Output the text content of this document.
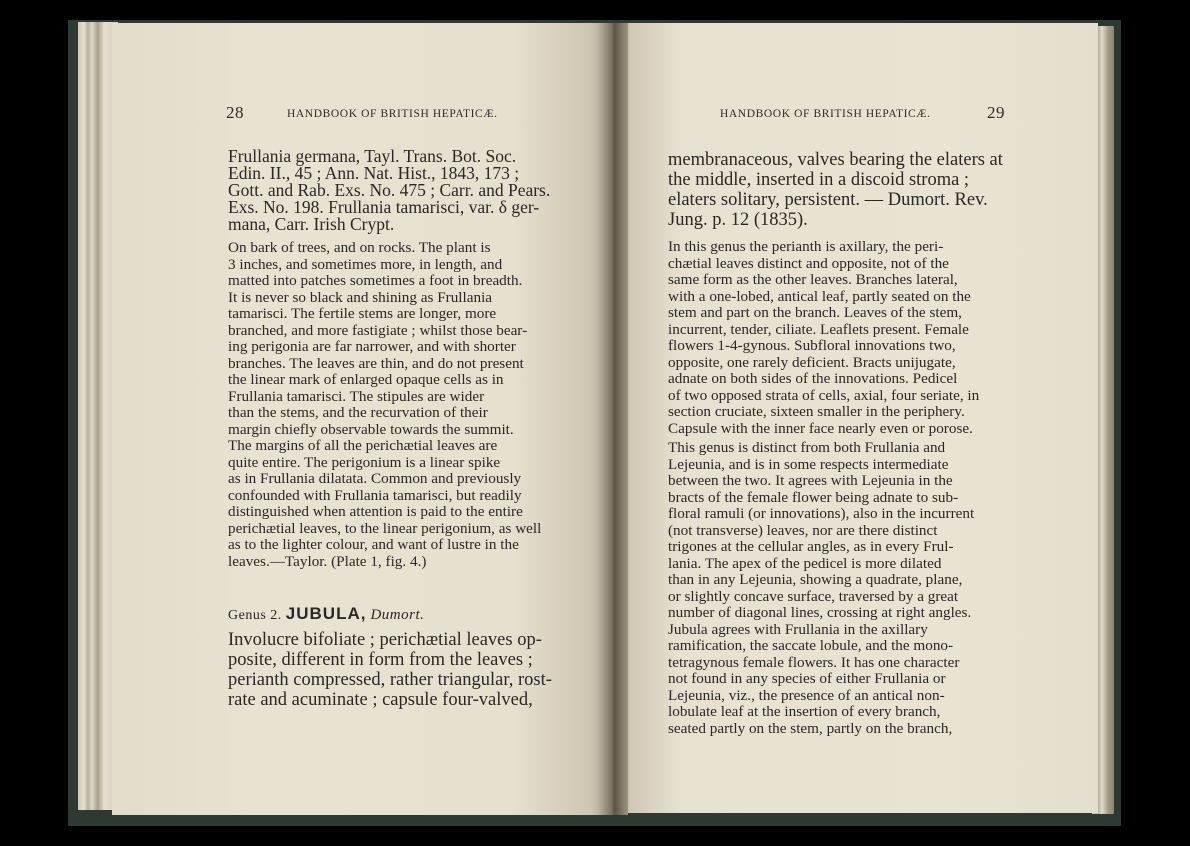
28	HANDBOOK OF BRITISH HEPATICÆ.	HANDBOOK OF BRITISH HEPATICÆ.	29

Frullania germana, Tayl. Trans. Bot. Soc.
Edin. II., 45 ; Ann. Nat. Hist., 1843, 173 ;
Gott. and Rab. Exs. No. 475 ; Carr. and Pears.
Exs. No. 198. Frullania tamarisci, var. δ ger-
mana, Carr. Irish Crypt.

On bark of trees, and on rocks. The plant is
3 inches, and sometimes more, in length, and
matted into patches sometimes a foot in breadth.
It is never so black and shining as Frullania
tamarisci. The fertile stems are longer, more
branched, and more fastigiate ; whilst those bear-
ing perigonia are far narrower, and with shorter
branches. The leaves are thin, and do not present
the linear mark of enlarged opaque cells as in
Frullania tamarisci. The stipules are wider
than the stems, and the recurvation of their
margin chiefly observable towards the summit.
The margins of all the perichætial leaves are
quite entire. The perigonium is a linear spike
as in Frullania dilatata. Common and previously
confounded with Frullania tamarisci, but readily
distinguished when attention is paid to the entire
perichætial leaves, to the linear perigonium, as well
as to the lighter colour, and want of lustre in the
leaves.—Taylor. (Plate 1, fig. 4.)

Genus 2. JUBULA, Dumort.

Involucre bifoliate ; perichætial leaves op-
posite, different in form from the leaves ;
perianth compressed, rather triangular, rost-
rate and acuminate ; capsule four-valved,

membranaceous, valves bearing the elaters at
the middle, inserted in a discoid stroma ;
elaters solitary, persistent. — Dumort. Rev.
Jung. p. 12 (1835).

In this genus the perianth is axillary, the peri-
chætial leaves distinct and opposite, not of the
same form as the other leaves. Branches lateral,
with a one-lobed, antical leaf, partly seated on the
stem and part on the branch. Leaves of the stem,
incurrent, tender, ciliate. Leaflets present. Female
flowers 1-4-gynous. Subfloral innovations two,
opposite, one rarely deficient. Bracts unijugate,
adnate on both sides of the innovations. Pedicel
of two opposed strata of cells, axial, four seriate, in
section cruciate, sixteen smaller in the periphery.
Capsule with the inner face nearly even or porose.

This genus is distinct from both Frullania and
Lejeunia, and is in some respects intermediate
between the two. It agrees with Lejeunia in the
bracts of the female flower being adnate to sub-
floral ramuli (or innovations), also in the incurrent
(not transverse) leaves, nor are there distinct
trigones at the cellular angles, as in every Frul-
lania. The apex of the pedicel is more dilated
than in any Lejeunia, showing a quadrate, plane,
or slightly concave surface, traversed by a great
number of diagonal lines, crossing at right angles.
Jubula agrees with Frullania in the axillary
ramification, the saccate lobule, and the mono-
tetragynous female flowers. It has one character
not found in any species of either Frullania or
Lejeunia, viz., the presence of an antical non-
lobulate leaf at the insertion of every branch,
seated partly on the stem, partly on the branch,
